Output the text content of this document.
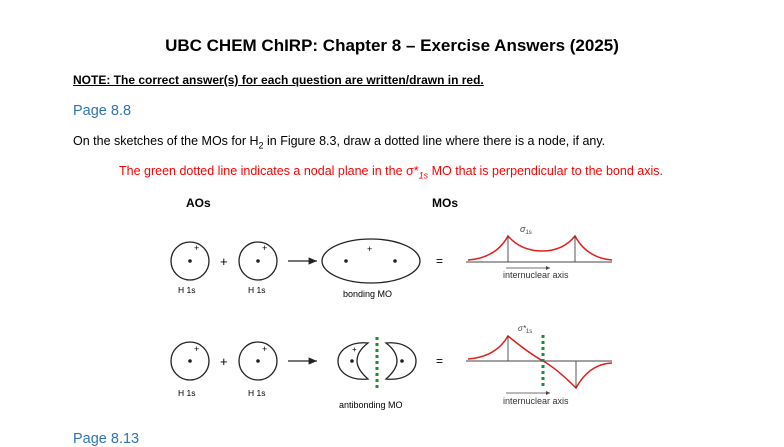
UBC CHEM ChIRP: Chapter 8 – Exercise Answers (2025)
NOTE: The correct answer(s) for each question are written/drawn in red.
Page 8.8
On the sketches of the MOs for $H_2$ in Figure 8.3, draw a dotted line where there is a node, if any.
The green dotted line indicates a nodal plane in the $\sigma*_{1s}$ MO that is perpendicular to the bond axis.
AOs	MOs
+
+
+	+
H 1s	H 1s	bonding MO
=
$\sigma_{1s}$
internuclear axis
+
+
+	+
H 1s	H 1s
antibonding MO
=
$\sigma*_{1s}$
internuclear axis
Page 8.13
